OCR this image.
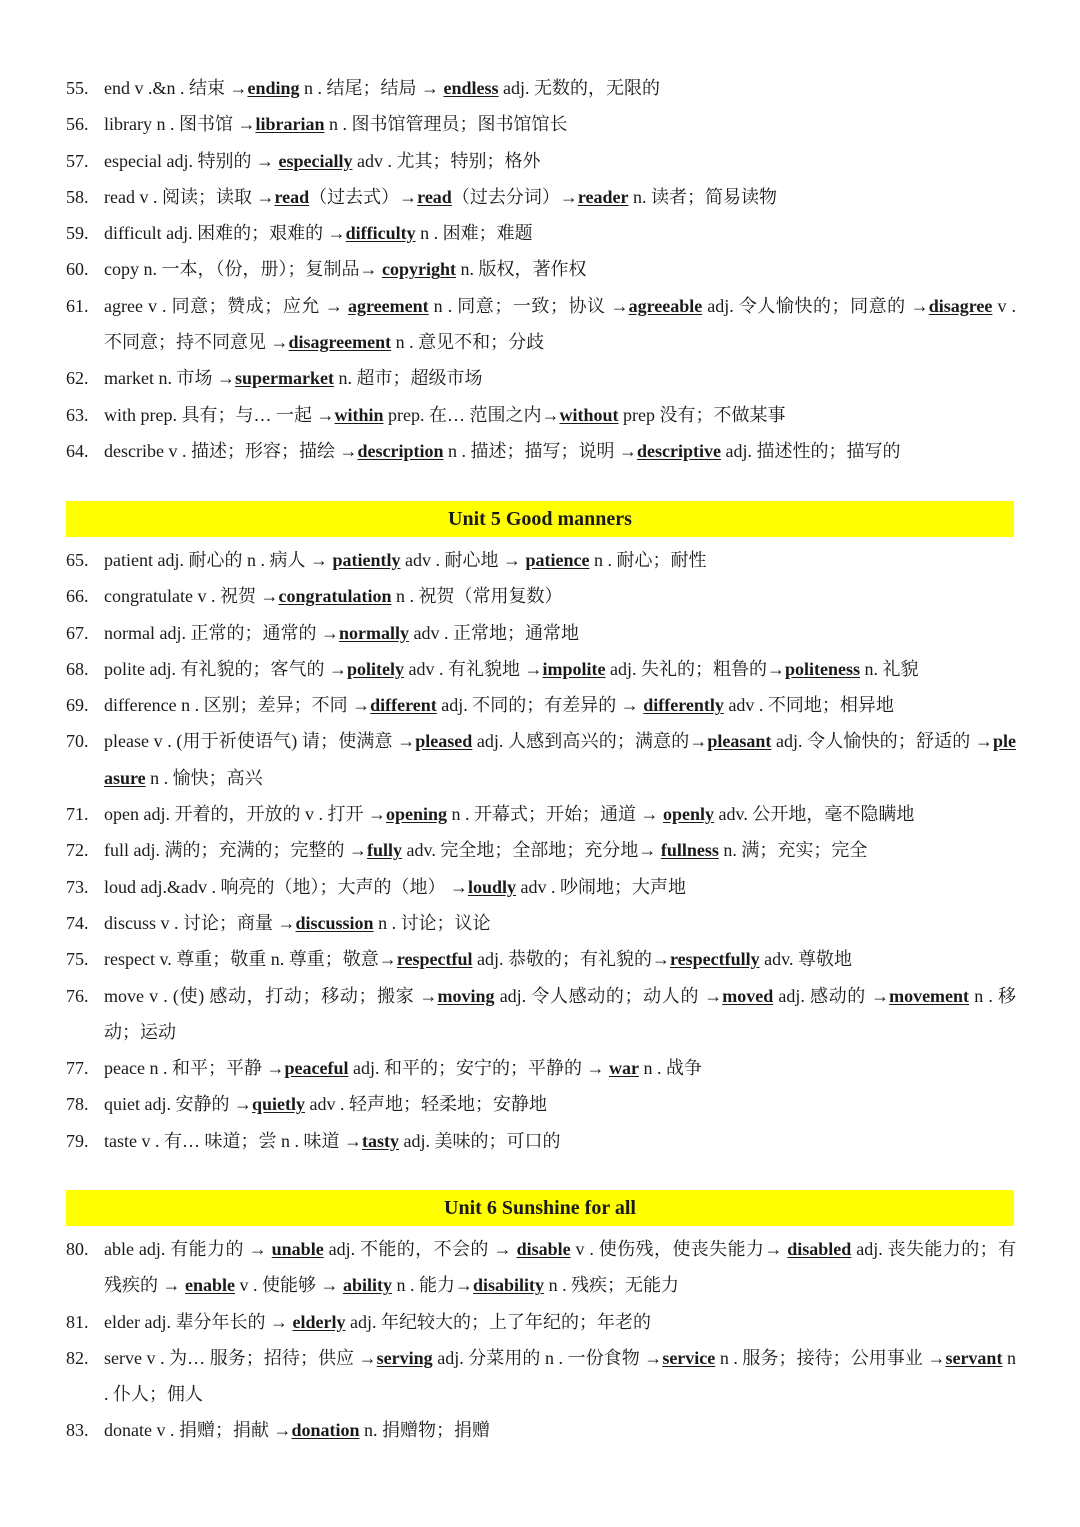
55. end v .&n . 结束 →ending n . 结尾；结局 → endless adj. 无数的，无限的
56. library n . 图书馆 →librarian n . 图书馆管理员；图书馆馆长
57. especial adj. 特别的 → especially adv . 尤其；特别；格外
58. read v . 阅读；读取 →read（过去式）→read（过去分词）→reader n. 读者；简易读物
59. difficult adj. 困难的；艰难的 →difficulty n . 困难；难题
60. copy n. 一本，（份，册）；复制品→ copyright n. 版权，著作权
61. agree v . 同意；赞成；应允 → agreement n . 同意；一致；协议 →agreeable adj. 令人愉快的；同意的 →disagree v . 不同意；持不同意见 →disagreement n . 意见不和；分歧
62. market n. 市场 →supermarket n. 超市；超级市场
63. with prep. 具有；与… 一起 →within prep. 在… 范围之内→without prep 没有；不做某事
64. describe v . 描述；形容；描绘 →description n . 描述；描写；说明 →descriptive adj. 描述性的；描写的
Unit 5 Good manners
65. patient adj. 耐心的 n . 病人 → patiently adv . 耐心地 → patience n . 耐心；耐性
66. congratulate v . 祝贺 →congratulation n . 祝贺（常用复数）
67. normal adj. 正常的；通常的 →normally adv . 正常地；通常地
68. polite adj. 有礼貌的；客气的 →politely adv . 有礼貌地 →impolite adj. 失礼的；粗鲁的→politeness n. 礼貌
69. difference n . 区别；差异；不同 →different adj. 不同的；有差异的 → differently adv . 不同地；相异地
70. please v . (用于祈使语气) 请；使满意 →pleased adj. 人感到高兴的；满意的→pleasant adj. 令人愉快的；舒适的 →pleasure n . 愉快；高兴
71. open adj. 开着的，开放的 v . 打开 →opening n . 开幕式；开始；通道 → openly adv. 公开地，毫不隐瞒地
72. full adj. 满的；充满的；完整的 →fully adv. 完全地；全部地；充分地→ fullness n. 满；充实；完全
73. loud adj.&adv . 响亮的（地）；大声的（地） →loudly adv . 吵闹地；大声地
74. discuss v . 讨论；商量 →discussion n . 讨论；议论
75. respect v. 尊重；敬重 n. 尊重；敬意→respectful adj. 恭敬的；有礼貌的→respectfully adv. 尊敬地
76. move v . (使) 感动，打动；移动；搬家 →moving adj. 令人感动的；动人的 →moved adj. 感动的 →movement n . 移动；运动
77. peace n . 和平；平静 →peaceful adj. 和平的；安宁的；平静的 → war n . 战争
78. quiet adj. 安静的 →quietly adv . 轻声地；轻柔地；安静地
79. taste v . 有… 味道；尝 n . 味道 →tasty adj. 美味的；可口的
Unit 6 Sunshine for all
80. able adj. 有能力的 → unable adj. 不能的，不会的 → disable v . 使伤残，使丧失能力→ disabled adj. 丧失能力的；有残疾的 → enable v . 使能够 → ability n . 能力→disability n . 残疾；无能力
81. elder adj. 辈分年长的 → elderly adj. 年纪较大的；上了年纪的；年老的
82. serve v . 为… 服务；招待；供应 →serving adj. 分菜用的 n . 一份食物 →service n . 服务；接待；公用事业 →servant n . 仆人；佣人
83. donate v . 捐赠；捐献 →donation n. 捐赠物；捐赠
